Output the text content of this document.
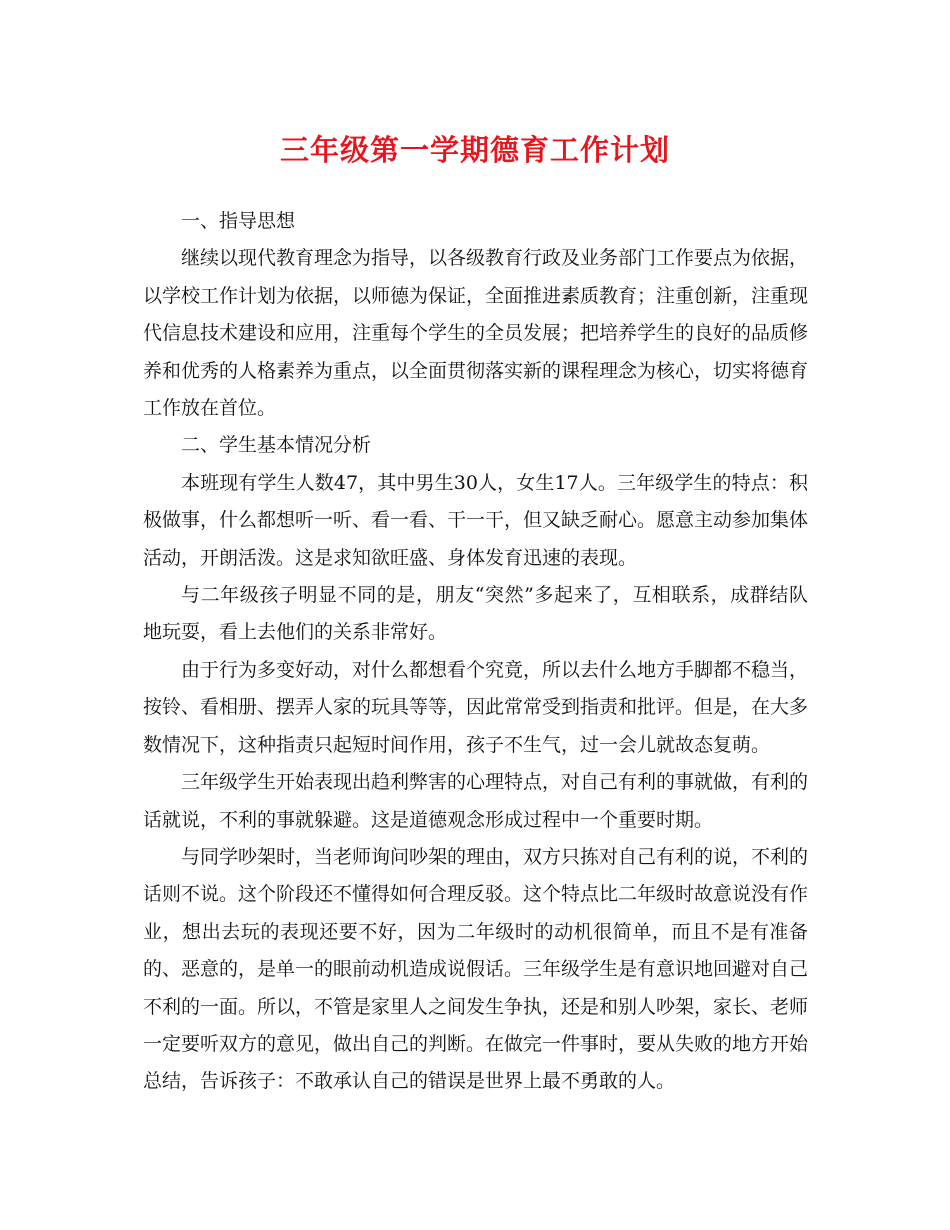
三年级第一学期德育工作计划

一、指导思想

继续以现代教育理念为指导，以各级教育行政及业务部门工作要点为依据，以学校工作计划为依据，以师德为保证，全面推进素质教育；注重创新，注重现代信息技术建设和应用，注重每个学生的全员发展；把培养学生的良好的品质修养和优秀的人格素养为重点，以全面贯彻落实新的课程理念为核心，切实将德育工作放在首位。

二、学生基本情况分析

本班现有学生人数47，其中男生30人，女生17人。三年级学生的特点：积极做事，什么都想听一听、看一看、干一干，但又缺乏耐心。愿意主动参加集体活动，开朗活泼。这是求知欲旺盛、身体发育迅速的表现。

与二年级孩子明显不同的是，朋友“突然”多起来了，互相联系，成群结队地玩耍，看上去他们的关系非常好。

由于行为多变好动，对什么都想看个究竟，所以去什么地方手脚都不稳当，按铃、看相册、摆弄人家的玩具等等，因此常常受到指责和批评。但是，在大多数情况下，这种指责只起短时间作用，孩子不生气，过一会儿就故态复萌。

三年级学生开始表现出趋利弊害的心理特点，对自己有利的事就做，有利的话就说，不利的事就躲避。这是道德观念形成过程中一个重要时期。

与同学吵架时，当老师询问吵架的理由，双方只拣对自己有利的说，不利的话则不说。这个阶段还不懂得如何合理反驳。这个特点比二年级时故意说没有作业，想出去玩的表现还要不好，因为二年级时的动机很简单，而且不是有准备的、恶意的，是单一的眼前动机造成说假话。三年级学生是有意识地回避对自己不利的一面。所以，不管是家里人之间发生争执，还是和别人吵架，家长、老师一定要听双方的意见，做出自己的判断。在做完一件事时，要从失败的地方开始总结，告诉孩子：不敢承认自己的错误是世界上最不勇敢的人。
